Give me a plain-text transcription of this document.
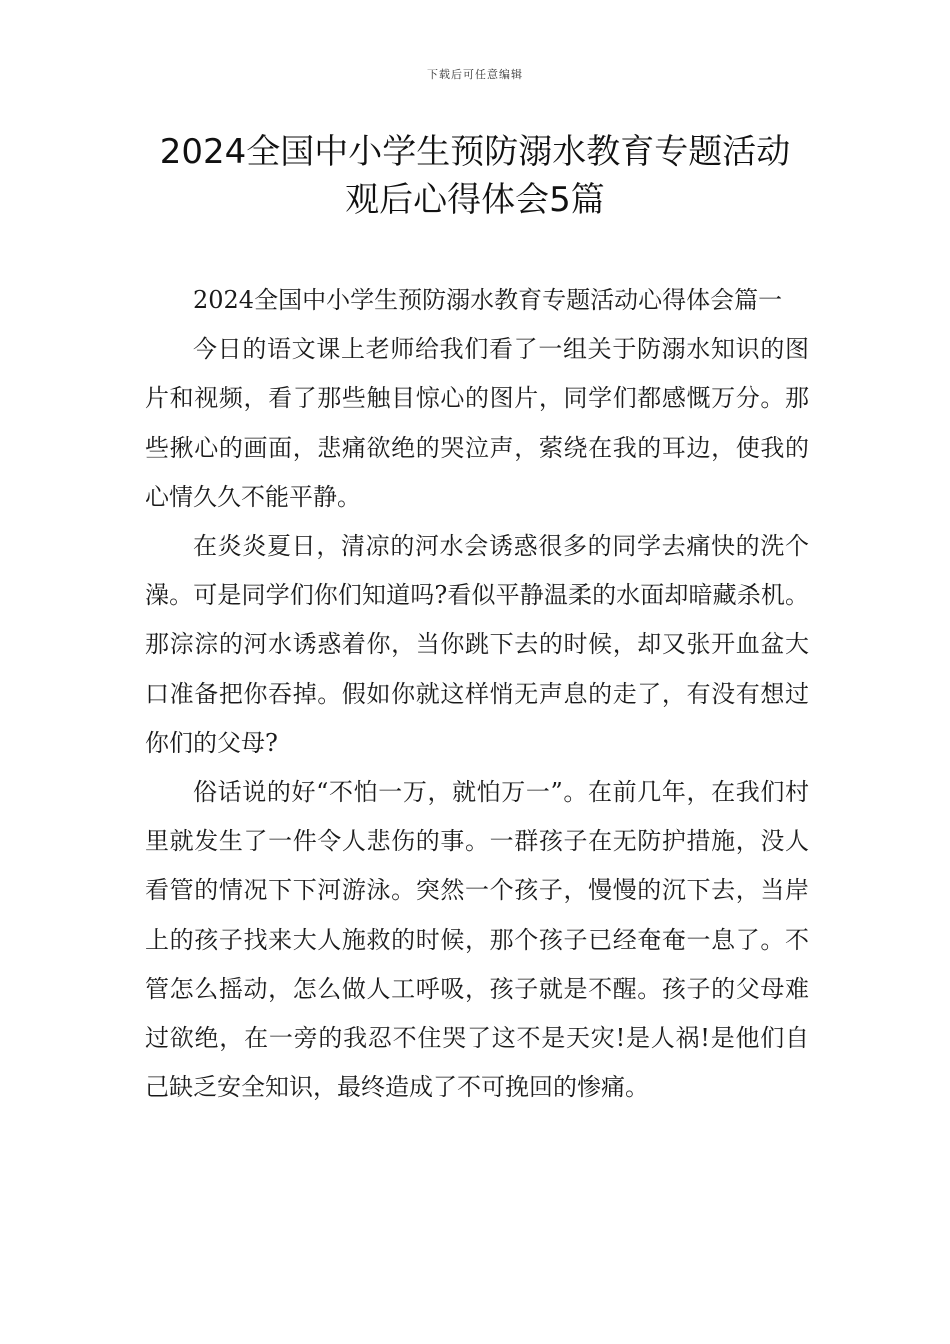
下载后可任意编辑
2024全国中小学生预防溺水教育专题活动
观后心得体会5篇

2024全国中小学生预防溺水教育专题活动心得体会篇一

今日的语文课上老师给我们看了一组关于防溺水知识的图片和视频，看了那些触目惊心的图片，同学们都感慨万分。那些揪心的画面，悲痛欲绝的哭泣声，萦绕在我的耳边，使我的心情久久不能平静。

在炎炎夏日，清凉的河水会诱惑很多的同学去痛快的洗个澡。可是同学们你们知道吗?看似平静温柔的水面却暗藏杀机。那淙淙的河水诱惑着你，当你跳下去的时候，却又张开血盆大口准备把你吞掉。假如你就这样悄无声息的走了，有没有想过你们的父母?

俗话说的好“不怕一万，就怕万一”。在前几年，在我们村里就发生了一件令人悲伤的事。一群孩子在无防护措施，没人看管的情况下下河游泳。突然一个孩子，慢慢的沉下去，当岸上的孩子找来大人施救的时候，那个孩子已经奄奄一息了。不管怎么摇动，怎么做人工呼吸，孩子就是不醒。孩子的父母难过欲绝，在一旁的我忍不住哭了这不是天灾!是人祸!是他们自己缺乏安全知识，最终造成了不可挽回的惨痛。
